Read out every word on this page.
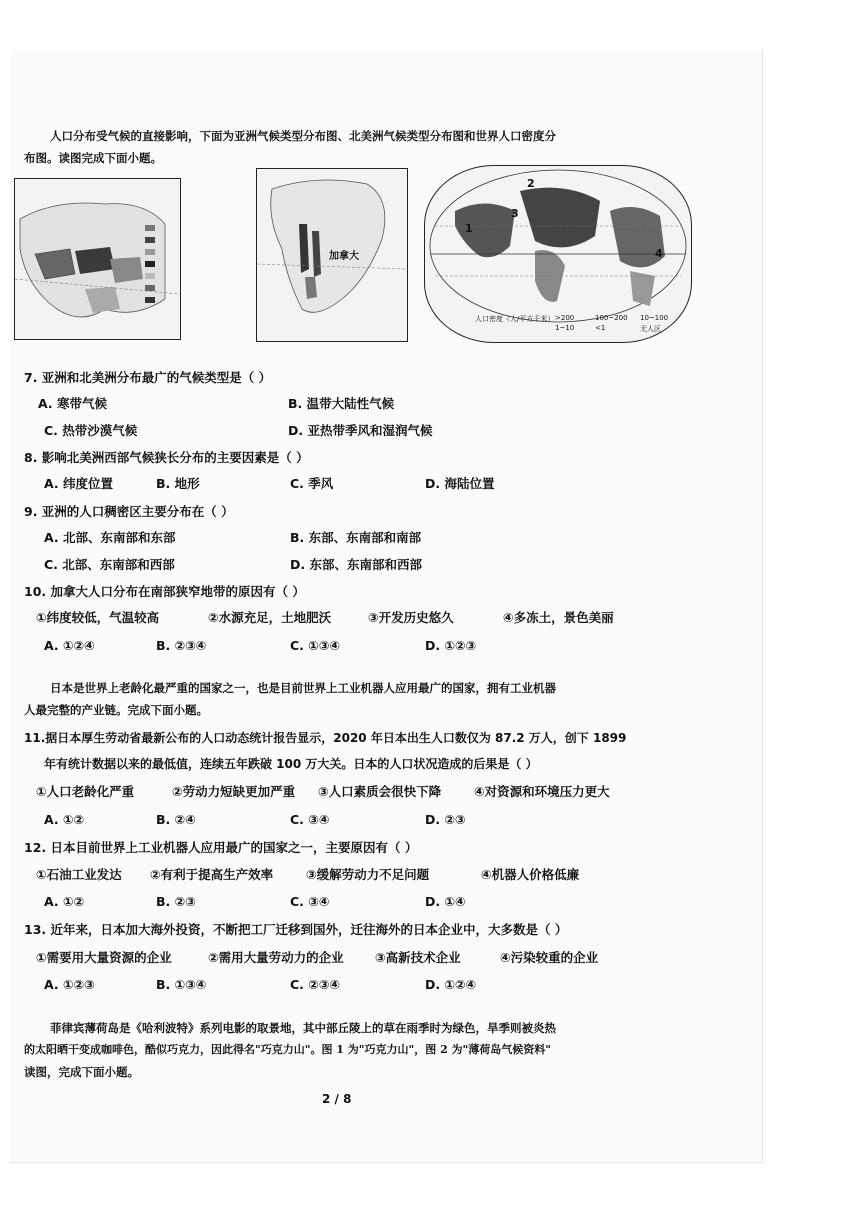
人口分布受气候的直接影响，下面为亚洲气候类型分布图、北美洲气候类型分布图和世界人口密度分
布图。读图完成下面小题。
加拿大
1
2
3
4
人口密度（人/平方千米） >200	100~200 10~100
1~10	<1	无人区
7. 亚洲和北美洲分布最广的气候类型是（ ）
A. 寒带气候	B. 温带大陆性气候
C. 热带沙漠气候	D. 亚热带季风和湿润气候
8. 影响北美洲西部气候狭长分布的主要因素是（ ）
A. 纬度位置	B. 地形	C. 季风	D. 海陆位置
9. 亚洲的人口稠密区主要分布在（ ）
A. 北部、东南部和东部	B. 东部、东南部和南部
C. 北部、东南部和西部	D. 东部、东南部和西部
10. 加拿大人口分布在南部狭窄地带的原因有（ ）
①纬度较低，气温较高	②水源充足，土地肥沃	③开发历史悠久	④多冻土，景色美丽
A. ①②④	B. ②③④	C. ①③④	D. ①②③
日本是世界上老龄化最严重的国家之一，也是目前世界上工业机器人应用最广的国家，拥有工业机器
人最完整的产业链。完成下面小题。
11.据日本厚生劳动省最新公布的人口动态统计报告显示，2020 年日本出生人口数仅为 87.2 万人，创下 1899
年有统计数据以来的最低值，连续五年跌破 100 万大关。日本的人口状况造成的后果是（ ）
①人口老龄化严重	②劳动力短缺更加严重 ③人口素质会很快下降	④对资源和环境压力更大
A. ①②	B. ②④	C. ③④	D. ②③
12. 日本目前世界上工业机器人应用最广的国家之一，主要原因有（ ）
①石油工业发达 ②有利于提高生产效率	③缓解劳动力不足问题	④机器人价格低廉
A. ①②	B. ②③	C. ③④	D. ①④
13. 近年来，日本加大海外投资，不断把工厂迁移到国外，迁往海外的日本企业中，大多数是（ ）
①需要用大量资源的企业	②需用大量劳动力的企业	③高新技术企业	④污染较重的企业
A. ①②③	B. ①③④	C. ②③④	D. ①②④
菲律宾薄荷岛是《哈利波特》系列电影的取景地，其中部丘陵上的草在雨季时为绿色，旱季则被炎热
的太阳晒干变成咖啡色，酷似巧克力，因此得名"巧克力山"。图 1 为"巧克力山"，图 2 为"薄荷岛气候资料"
读图，完成下面小题。
2 / 8
